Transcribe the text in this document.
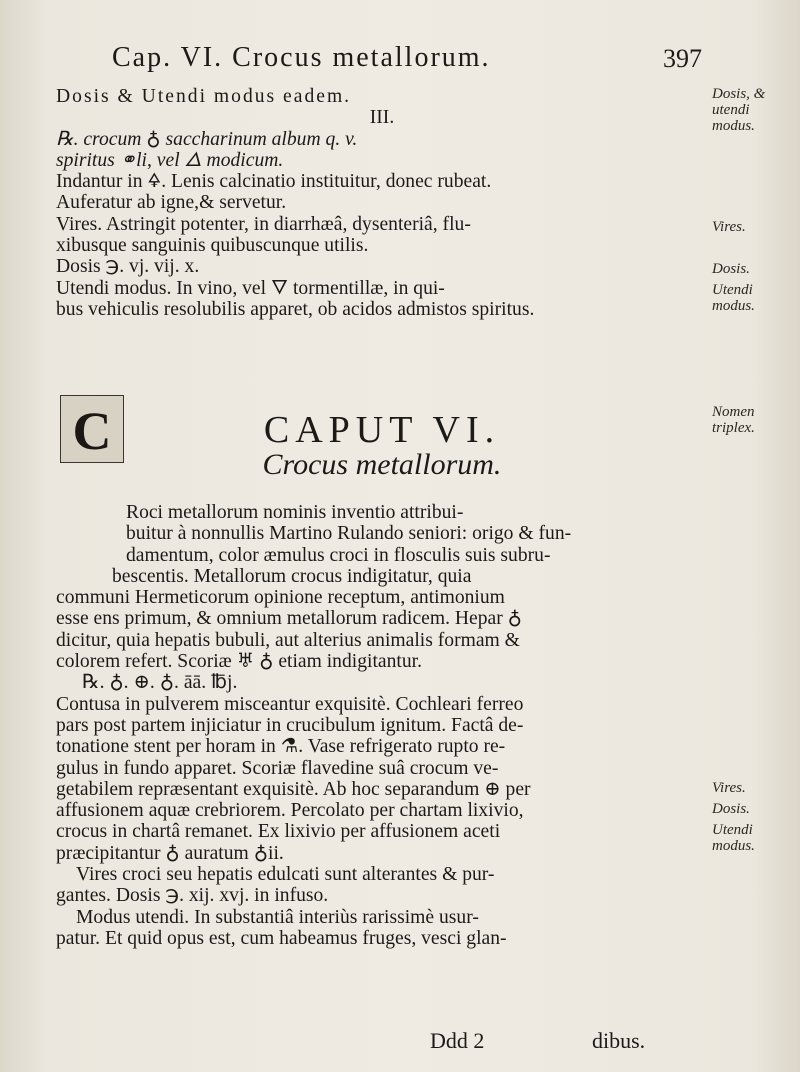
Cap. VI. Crocus metallorum.	397
Dosis & Utendi modus eadem.
III.
℞. crocum ♁ saccharinum album q. v.
spiritus ⚭li, vel 🜂 modicum.
Indantur in 🜍. Lenis calcinatio instituitur, donec rubeat.
Auferatur ab igne,& servetur.
Vires. Astringit potenter, in diarrhæâ, dysenteriâ, flu-
xibusque sanguinis quibuscunque utilis.
Dosis ℈. vj. vij. x.
Utendi modus. In vino, vel 🜄 tormentillæ, in qui-
bus vehiculis resolubilis apparet, ob acidos admistos spiritus.
CAPUT VI.
Crocus metallorum.
Roci metallorum nominis inventio attribui-
buitur à nonnullis Martino Rulando seniori: origo & fun-
damentum, color æmulus croci in flosculis suis subru-
bescentis. Metallorum crocus indigitatur, quia
communi Hermeticorum opinione receptum, antimonium
esse ens primum, & omnium metallorum radicem. Hepar ♁
dicitur, quia hepatis bubuli, aut alterius animalis formam &
colorem refert. Scoriæ ♅ ♁ etiam indigitantur.
℞. ♁. ⊕. ♁. āā. ℔j.
Contusa in pulverem misceantur exquisitè. Cochleari ferreo
pars post partem injiciatur in crucibulum ignitum. Factâ de-
tonatione stent per horam in ⚗. Vase refrigerato rupto re-
gulus in fundo apparet. Scoriæ flavedine suâ crocum ve-
getabilem repræsentant exquisitè. Ab hoc separandum ⊕ per
affusionem aquæ crebriorem. Percolato per chartam lixivio,
crocus in chartâ remanet. Ex lixivio per affusionem aceti
præcipitantur ♁ auratum ♁ii.
Vires croci seu hepatis edulcati sunt alterantes & pur-
gantes. Dosis ℈. xij. xvj. in infuso.
Modus utendi. In substantiâ interiùs rarissimè usur-
patur. Et quid opus est, cum habeamus fruges, vesci glan-
C
Dosis, & utendi modus.
Vires.
Dosis.
Utendi modus.
Nomen triplex.
Vires.
Dosis.
Utendi modus.
Ddd 2	dibus.
